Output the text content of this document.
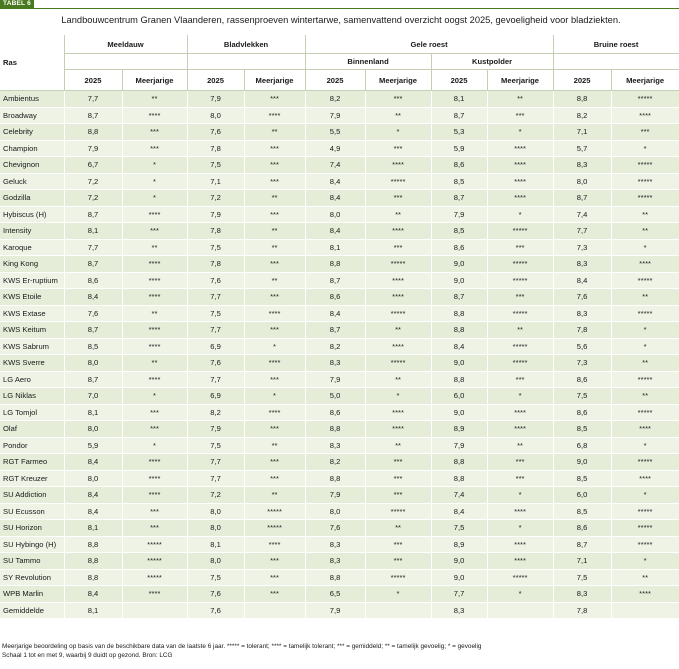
TABEL 6
Landbouwcentrum Granen Vlaanderen, rassenproeven wintertarwe, samenvattend overzicht oogst 2025, gevoeligheid voor bladziekten.
Ras	Meeldauw		Bladvlekken		Gele roest				Bruine roest	
					Binnenland		Kustpolder			
	2025	Meerjarige	2025	Meerjarige	2025	Meerjarige	2025	Meerjarige	2025	Meerjarige
Ambientus	7,7	**	7,9	***	8,2	***	8,1	**	8,8	*****
Broadway	8,7	****	8,0	****	7,9	**	8,7	***	8,2	****
Celebrity	8,8	***	7,6	**	5,5	*	5,3	*	7,1	***
Champion	7,9	***	7,8	***	4,9	***	5,9	****	5,7	*
Chevignon	6,7	*	7,5	***	7,4	****	8,6	****	8,3	*****
Geluck	7,2	*	7,1	***	8,4	*****	8,5	****	8,0	*****
Godzilla	7,2	*	7,2	**	8,4	***	8,7	****	8,7	*****
Hybiscus (H)	8,7	****	7,9	***	8,0	**	7,9	*	7,4	**
Intensity	8,1	***	7,8	**	8,4	****	8,5	*****	7,7	**
Karoque	7,7	**	7,5	**	8,1	***	8,6	***	7,3	*
King Kong	8,7	****	7,8	***	8,8	*****	9,0	*****	8,3	****
KWS Er-ruptium	8,6	****	7,6	**	8,7	****	9,0	*****	8,4	*****
KWS Etoile	8,4	****	7,7	***	8,6	****	8,7	***	7,6	**
KWS Extase	7,6	**	7,5	****	8,4	*****	8,8	*****	8,3	*****
KWS Keitum	8,7	****	7,7	***	8,7	**	8,8	**	7,8	*
KWS Sabrum	8,5	****	6,9	*	8,2	****	8,4	*****	5,6	*
KWS Sverre	8,0	**	7,6	****	8,3	*****	9,0	*****	7,3	**
LG Aero	8,7	****	7,7	***	7,9	**	8,8	***	8,6	*****
LG Niklas	7,0	*	6,9	*	5,0	*	6,0	*	7,5	**
LG Tomjol	8,1	***	8,2	****	8,6	****	9,0	****	8,6	*****
Olaf	8,0	***	7,9	***	8,8	****	8,9	****	8,5	****
Pondor	5,9	*	7,5	**	8,3	**	7,9	**	6,8	*
RGT Farmeo	8,4	****	7,7	***	8,2	***	8,8	***	9,0	*****
RGT Kreuzer	8,0	****	7,7	***	8,8	***	8,8	***	8,5	****
SU Addiction	8,4	****	7,2	**	7,9	***	7,4	*	6,0	*
SU Ecusson	8,4	***	8,0	*****	8,0	*****	8,4	****	8,5	*****
SU Horizon	8,1	***	8,0	*****	7,6	**	7,5	*	8,6	*****
SU Hybingo (H)	8,8	*****	8,1	****	8,3	***	8,9	****	8,7	*****
SU Tammo	8,8	*****	8,0	***	8,3	***	9,0	****	7,1	*
SY Revolution	8,8	*****	7,5	***	8,8	*****	9,0	*****	7,5	**
WPB Marlin	8,4	****	7,6	***	6,5	*	7,7	*	8,3	****
Gemiddelde	8,1		7,6		7,9		8,3		7,8	
Meerjarige beoordeling op basis van de beschikbare data van de laatste 6 jaar. ***** = tolerant; **** = tamelijk tolerant; *** = gemiddeld; ** = tamelijk gevoelig; * = gevoelig
Schaal 1 tot en met 9, waarbij 9 duidt op gezond. Bron: LCG
